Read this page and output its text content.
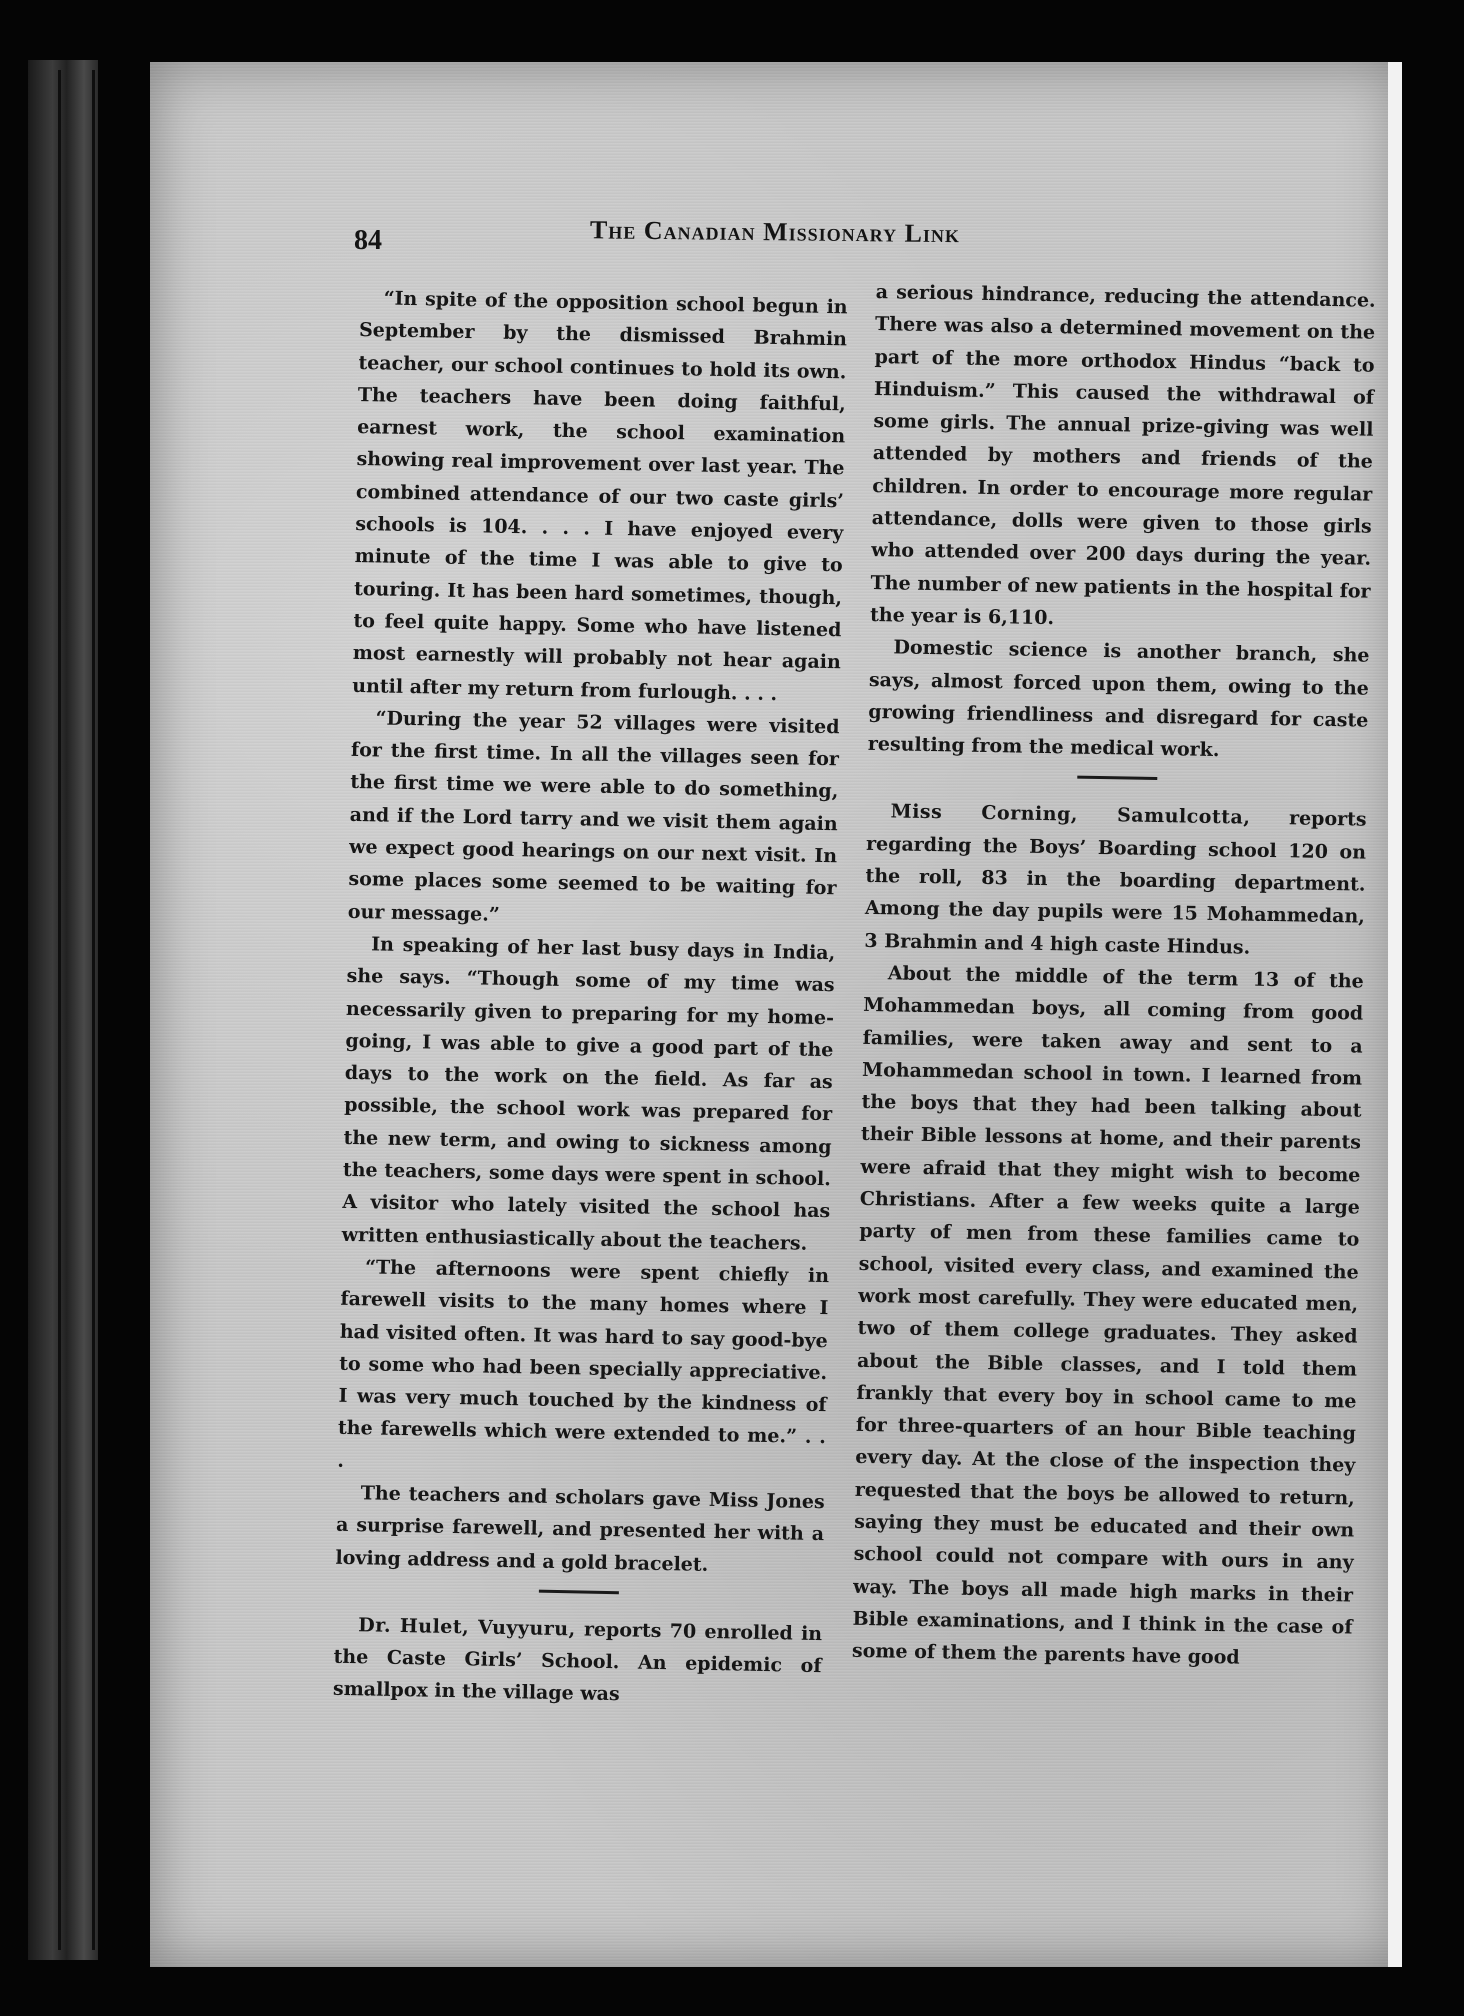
84	The Canadian Missionary Link

“In spite of the opposition school begun in September by the dismissed Brahmin teacher, our school continues to hold its own. The teachers have been doing faithful, earnest work, the school examination showing real improvement over last year. The combined attendance of our two caste girls’ schools is 104. . . . I have enjoyed every minute of the time I was able to give to touring. It has been hard sometimes, though, to feel quite happy. Some who have listened most earnestly will probably not hear again until after my return from furlough. . . .

“During the year 52 villages were visited for the first time. In all the villages seen for the first time we were able to do something, and if the Lord tarry and we visit them again we expect good hearings on our next visit. In some places some seemed to be waiting for our message.”

In speaking of her last busy days in India, she says. “Though some of my time was necessarily given to preparing for my home-going, I was able to give a good part of the days to the work on the field. As far as possible, the school work was prepared for the new term, and owing to sickness among the teachers, some days were spent in school. A visitor who lately visited the school has written enthusiastically about the teachers.

“The afternoons were spent chiefly in farewell visits to the many homes where I had visited often. It was hard to say good-bye to some who had been specially appreciative. I was very much touched by the kindness of the farewells which were extended to me.” . . .

The teachers and scholars gave Miss Jones a surprise farewell, and presented her with a loving address and a gold bracelet.

Dr. Hulet, Vuyyuru, reports 70 enrolled in the Caste Girls’ School. An epidemic of smallpox in the village was

a serious hindrance, reducing the attendance. There was also a determined movement on the part of the more orthodox Hindus “back to Hinduism.” This caused the withdrawal of some girls. The annual prize-giving was well attended by mothers and friends of the children. In order to encourage more regular attendance, dolls were given to those girls who attended over 200 days during the year. The number of new patients in the hospital for the year is 6,110.

Domestic science is another branch, she says, almost forced upon them, owing to the growing friendliness and disregard for caste resulting from the medical work.

Miss Corning, Samulcotta, reports regarding the Boys’ Boarding school 120 on the roll, 83 in the boarding department. Among the day pupils were 15 Mohammedan, 3 Brahmin and 4 high caste Hindus.

About the middle of the term 13 of the Mohammedan boys, all coming from good families, were taken away and sent to a Mohammedan school in town. I learned from the boys that they had been talking about their Bible lessons at home, and their parents were afraid that they might wish to become Christians. After a few weeks quite a large party of men from these families came to school, visited every class, and examined the work most carefully. They were educated men, two of them college graduates. They asked about the Bible classes, and I told them frankly that every boy in school came to me for three-quarters of an hour Bible teaching every day. At the close of the inspection they requested that the boys be allowed to return, saying they must be educated and their own school could not compare with ours in any way. The boys all made high marks in their Bible examinations, and I think in the case of some of them the parents have good
